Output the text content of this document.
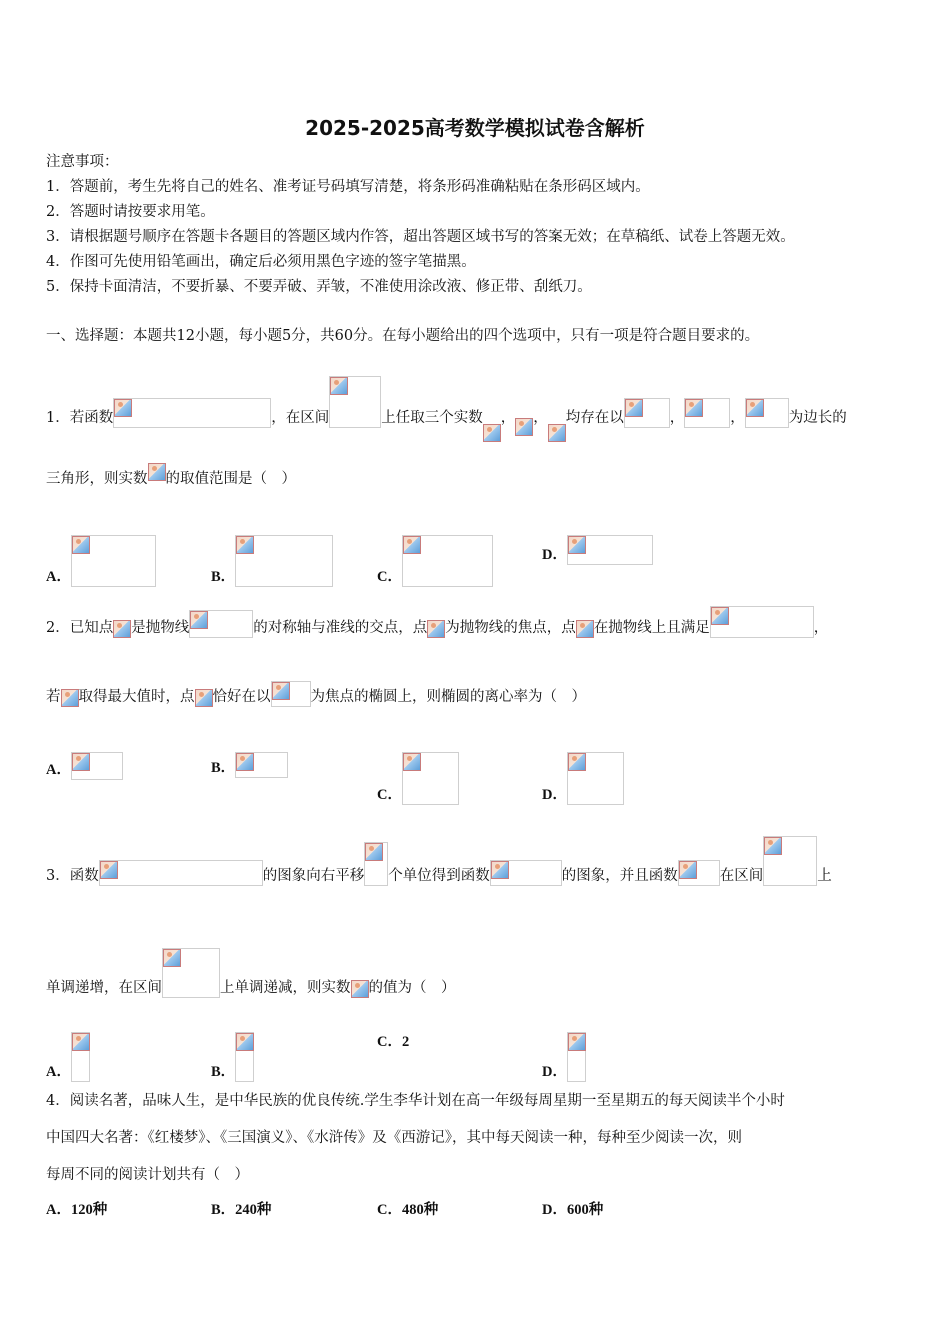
2025-2025高考数学模拟试卷含解析
注意事项：
1．答题前，考生先将自己的姓名、准考证号码填写清楚，将条形码准确粘贴在条形码区域内。
2．答题时请按要求用笔。
3．请根据题号顺序在答题卡各题目的答题区域内作答，超出答题区域书写的答案无效；在草稿纸、试卷上答题无效。
4．作图可先使用铅笔画出，确定后必须用黑色字迹的签字笔描黑。
5．保持卡面清洁，不要折暴、不要弄破、弄皱，不准使用涂改液、修正带、刮纸刀。
一、选择题：本题共12小题，每小题5分，共60分。在每小题给出的四个选项中，只有一项是符合题目要求的。
1．若函数	，在区间	上任取三个实数 ， ， 均存在以	，	，	为边长的
三角形，则实数 的取值范围是（　）
A．	B．	C．
D．
2．已知点 是抛物线	的对称轴与准线的交点，点 为抛物线的焦点，点 在抛物线上且满足	，
若 取得最大值时，点 恰好在以	为焦点的椭圆上，则椭圆的离心率为（　）
A．	B．
C．	D．
3．函数	的图象向右平移 个单位得到函数	的图象，并且函数	在区间	上
单调递增，在区间	上单调递减，则实数 的值为（　）
A．	B．
C．2
D．
4．阅读名著，品味人生，是中华民族的优良传统.学生李华计划在高一年级每周星期一至星期五的每天阅读半个小时
中国四大名著：《红楼梦》、《三国演义》、《水浒传》及《西游记》，其中每天阅读一种，每种至少阅读一次，则
每周不同的阅读计划共有（　）
A．120种	B．240种	C．480种	D．600种
